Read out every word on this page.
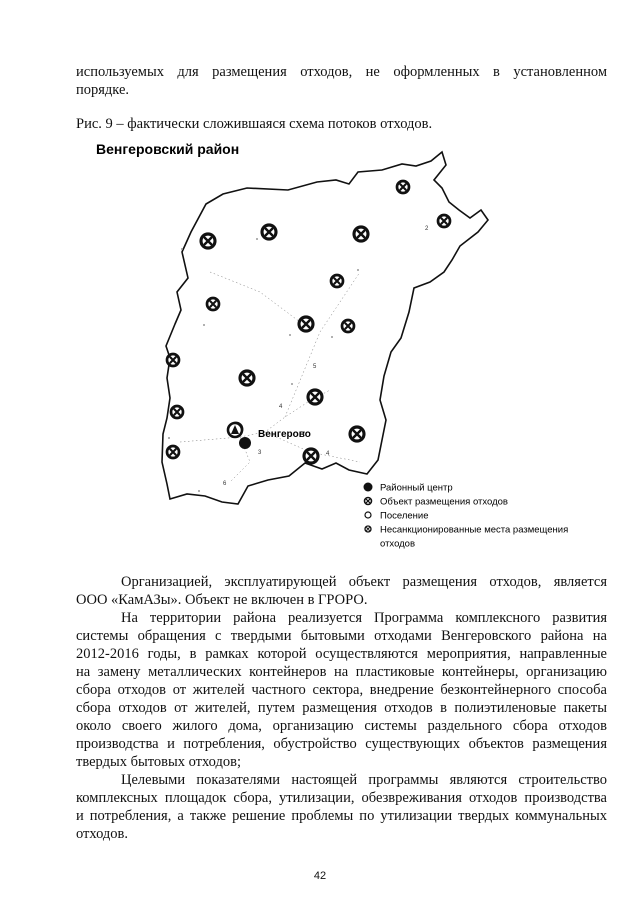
используемых для размещения отходов, не оформленных в установленном
порядке.
Рис. 9 – фактически сложившаяся схема потоков отходов.
Венгеровский район
2
3
4
4
5
6
Венгерово
Районный центр
Объект размещения отходов
Поселение
Несанкционированные места размещения
отходов
Организацией, эксплуатирующей объект размещения отходов, является
ООО «КамАЗы». Объект не включен в ГРОРО.
На территории района реализуется Программа комплексного развития
системы обращения с твердыми бытовыми отходами Венгеровского района на
2012-2016 годы, в рамках которой осуществляются мероприятия, направленные
на замену металлических контейнеров на пластиковые контейнеры, организацию
сбора отходов от жителей частного сектора, внедрение безконтейнерного способа
сбора отходов от жителей, путем размещения отходов в полиэтиленовые пакеты
около своего жилого дома, организацию системы раздельного сбора отходов
производства и потребления, обустройство существующих объектов размещения
твердых бытовых отходов;
Целевыми показателями настоящей программы являются строительство
комплексных площадок сбора, утилизации, обезвреживания отходов производства
и потребления, а также решение проблемы по утилизации твердых коммунальных
отходов.
42
